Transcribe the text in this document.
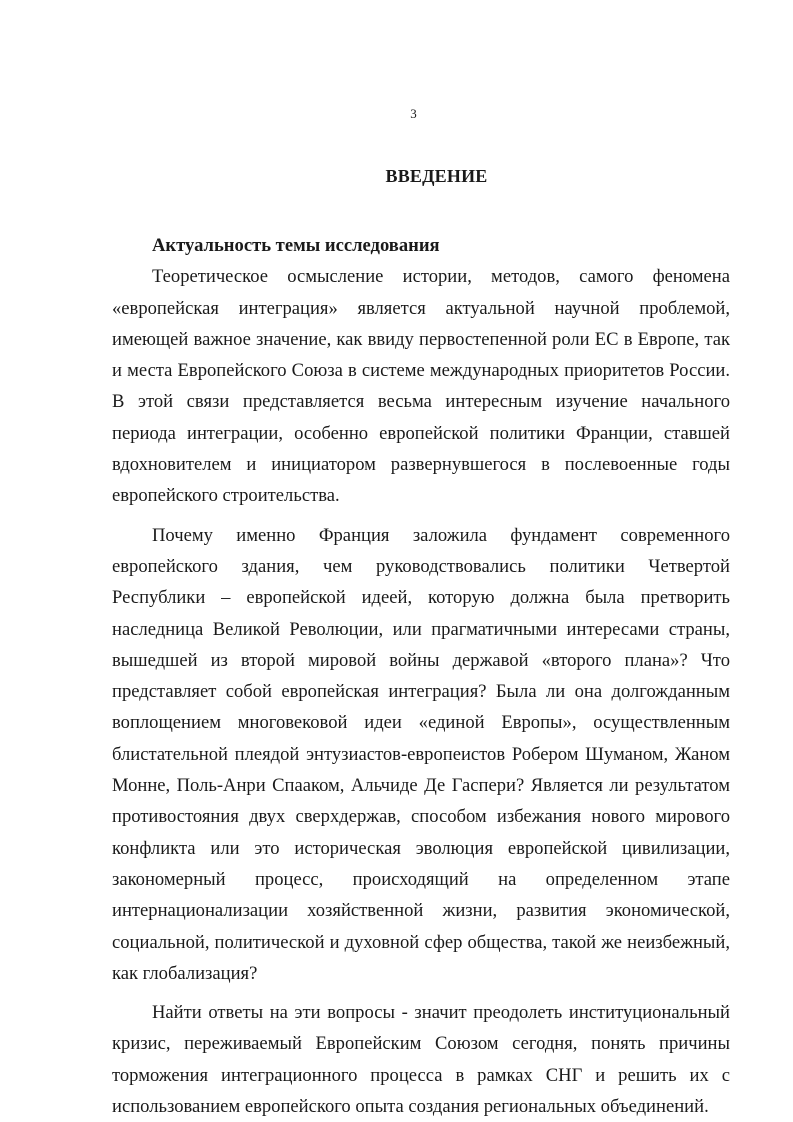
3
ВВЕДЕНИЕ

Актуальность темы исследования

Теоретическое осмысление истории, методов, самого феномена «европейская интеграция» является актуальной научной проблемой, имеющей важное значение, как ввиду первостепенной роли ЕС в Европе, так и места Европейского Союза в системе международных приоритетов России. В этой связи представляется весьма интересным изучение начального периода интеграции, особенно европейской политики Франции, ставшей вдохновителем и инициатором развернувшегося в послевоенные годы европейского строительства.

Почему именно Франция заложила фундамент современного европейского здания, чем руководствовались политики Четвертой Республики – европейской идеей, которую должна была претворить наследница Великой Революции, или прагматичными интересами страны, вышедшей из второй мировой войны державой «второго плана»? Что представляет собой европейская интеграция? Была ли она долгожданным воплощением многовековой идеи «единой Европы», осуществленным блистательной плеядой энтузиастов-европеистов Робером Шуманом, Жаном Монне, Поль-Анри Спааком, Альчиде Де Гаспери? Является ли результатом противостояния двух сверхдержав, способом избежания нового мирового конфликта или это историческая эволюция европейской цивилизации, закономерный процесс, происходящий на определенном этапе интернационализации хозяйственной жизни, развития экономической, социальной, политической и духовной сфер общества, такой же неизбежный, как глобализация?

Найти ответы на эти вопросы - значит преодолеть институциональный кризис, переживаемый Европейским Союзом сегодня, понять причины торможения интеграционного процесса в рамках СНГ и решить их с использованием европейского опыта создания региональных объединений.
